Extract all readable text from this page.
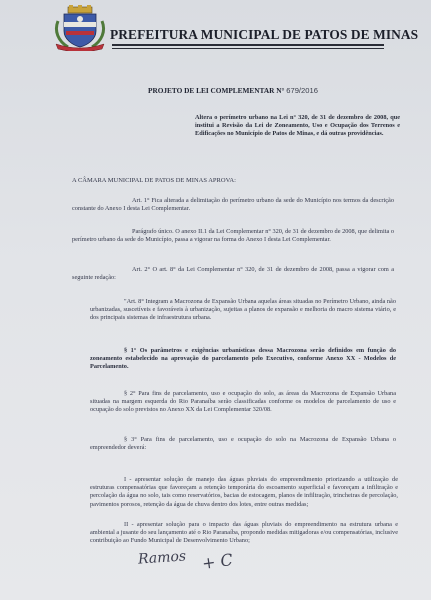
PREFEITURA MUNICIPAL DE PATOS DE MINAS
PROJETO DE LEI COMPLEMENTAR N° 679/2016
Altera o perímetro urbano na Lei n° 320, de 31 de dezembro de 2008, que institui a Revisão da Lei de Zoneamento, Uso e Ocupação dos Terrenos e Edificações no Município de Patos de Minas, e dá outras providências.
A CÂMARA MUNICIPAL DE PATOS DE MINAS APROVA:
Art. 1° Fica alterada a delimitação do perímetro urbano da sede do Município nos termos da descrição constante do Anexo I desta Lei Complementar.
Parágrafo único. O anexo II.1 da Lei Complementar n° 320, de 31 de dezembro de 2008, que delimita o perímetro urbano da sede do Município, passa a vigorar na forma do Anexo I desta Lei Complementar.
Art. 2° O art. 8° da Lei Complementar n° 320, de 31 de dezembro de 2008, passa a vigorar com a seguinte redação:
"Art. 8° Integram a Macrozona de Expansão Urbana aquelas áreas situadas no Perímetro Urbano, ainda não urbanizadas, suscetíveis e favoráveis à urbanização, sujeitas a planos de expansão e melhoria do macro sistema viário, e dos principais sistemas de infraestrutura urbana.
§ 1° Os parâmetros e exigências urbanísticas dessa Macrozona serão definidos em função do zoneamento estabelecido na aprovação do parcelamento pelo Executivo, conforme Anexo XX - Modelos de Parcelamento.
§ 2° Para fins de parcelamento, uso e ocupação do solo, as áreas da Macrozona de Expansão Urbana situadas na margem esquerda do Rio Paranaíba serão classificadas conforme os modelos de parcelamento de uso e ocupação do solo previstos no Anexo XX da Lei Complementar 320/08.
§ 3° Para fins de parcelamento, uso e ocupação do solo na Macrozona de Expansão Urbana o empreendedor deverá:
I - apresentar solução de manejo das águas pluviais do empreendimento priorizando a utilização de estruturas compensatórias que favoreçam a retenção temporária do escoamento superficial e favoreçam a infiltração e percolação da água no solo, tais como reservatórios, bacias de estocagem, planos de infiltração, trincheiras de percolação, pavimentos porosos, retenção da água de chuva dentro dos lotes, entre outras medidas;
II - apresentar solução para o impacto das águas pluviais do empreendimento na estrutura urbana e ambiental a jusante do seu lançamento até o Rio Paranaíba, propondo medidas mitigadoras e/ou compensatórias, inclusive contribuição ao Fundo Municipal de Desenvolvimento Urbano;
Ramos + C
